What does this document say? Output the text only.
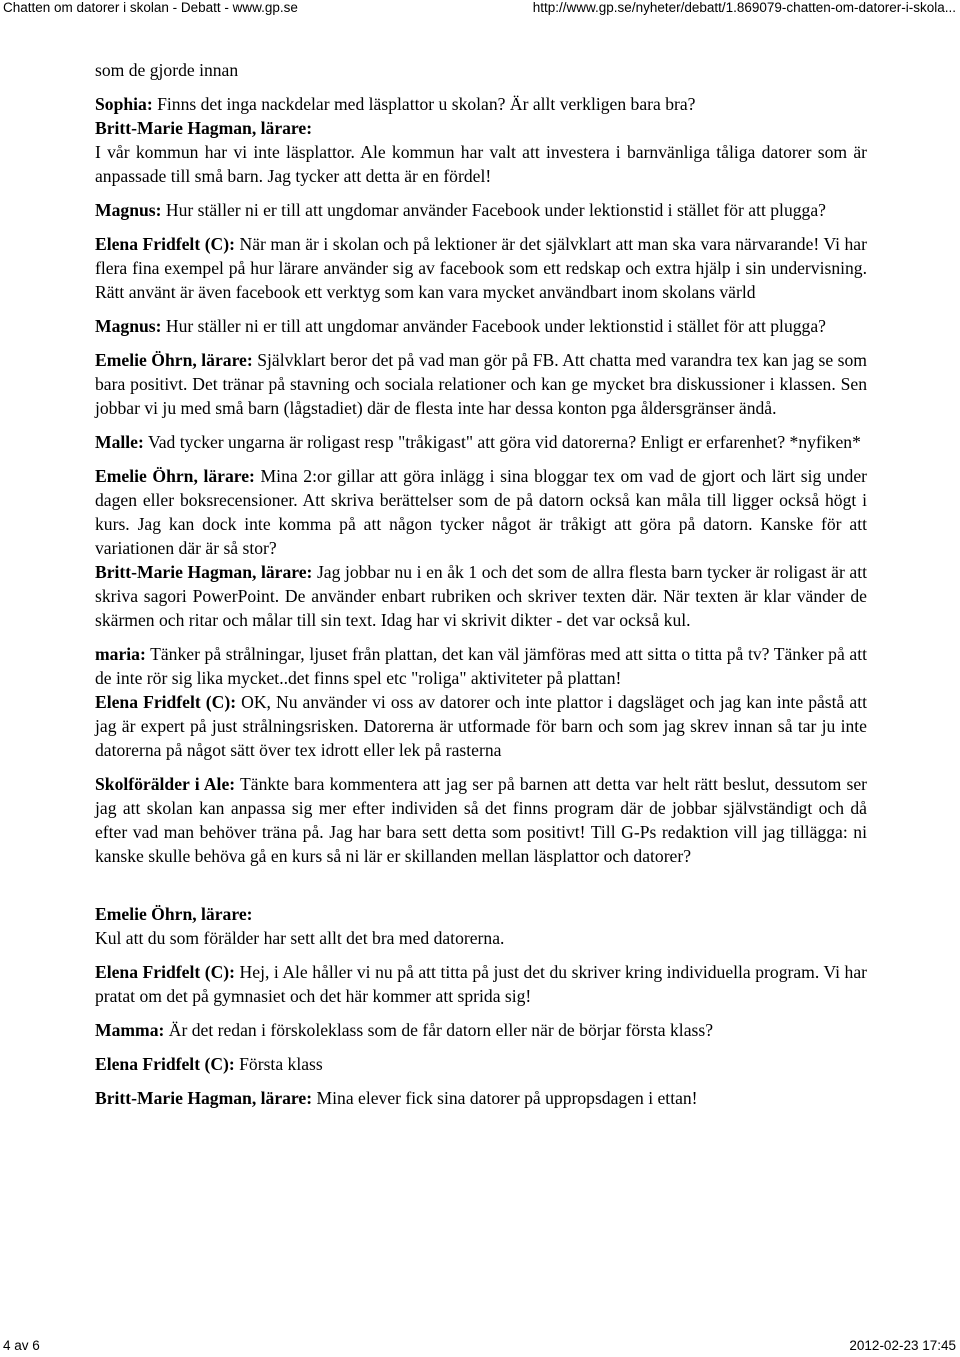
Chatten om datorer i skolan - Debatt - www.gp.se	http://www.gp.se/nyheter/debatt/1.869079-chatten-om-datorer-i-skola...

som de gjorde innan

Sophia: Finns det inga nackdelar med läsplattor u skolan? Är allt verkligen bara bra?

Britt-Marie Hagman, lärare:

I vår kommun har vi inte läsplattor. Ale kommun har valt att investera i barnvänliga tåliga datorer som är anpassade till små barn. Jag tycker att detta är en fördel!

Magnus: Hur ställer ni er till att ungdomar använder Facebook under lektionstid i stället för att plugga?

Elena Fridfelt (C): När man är i skolan och på lektioner är det självklart att man ska vara närvarande! Vi har flera fina exempel på hur lärare använder sig av facebook som ett redskap och extra hjälp i sin undervisning. Rätt använt är även facebook ett verktyg som kan vara mycket användbart inom skolans värld

Magnus: Hur ställer ni er till att ungdomar använder Facebook under lektionstid i stället för att plugga?

Emelie Öhrn, lärare: Självklart beror det på vad man gör på FB. Att chatta med varandra tex kan jag se som bara positivt. Det tränar på stavning och sociala relationer och kan ge mycket bra diskussioner i klassen. Sen jobbar vi ju med små barn (lågstadiet) där de flesta inte har dessa konton pga åldersgränser ändå.

Malle: Vad tycker ungarna är roligast resp "tråkigast" att göra vid datorerna? Enligt er erfarenhet? *nyfiken*

Emelie Öhrn, lärare: Mina 2:or gillar att göra inlägg i sina bloggar tex om vad de gjort och lärt sig under dagen eller boksrecensioner. Att skriva berättelser som de på datorn också kan måla till ligger också högt i kurs. Jag kan dock inte komma på att någon tycker något är tråkigt att göra på datorn. Kanske för att variationen där är så stor?

Britt-Marie Hagman, lärare: Jag jobbar nu i en åk 1 och det som de allra flesta barn tycker är roligast är att skriva sagori PowerPoint. De använder enbart rubriken och skriver texten där. När texten är klar vänder de skärmen och ritar och målar till sin text. Idag har vi skrivit dikter - det var också kul.

maria: Tänker på strålningar, ljuset från plattan, det kan väl jämföras med att sitta o titta på tv? Tänker på att de inte rör sig lika mycket..det finns spel etc "roliga" aktiviteter på plattan!

Elena Fridfelt (C): OK, Nu använder vi oss av datorer och inte plattor i dagsläget och jag kan inte påstå att jag är expert på just strålningsrisken. Datorerna är utformade för barn och som jag skrev innan så tar ju inte datorerna på något sätt över tex idrott eller lek på rasterna

Skolförälder i Ale: Tänkte bara kommentera att jag ser på barnen att detta var helt rätt beslut, dessutom ser jag att skolan kan anpassa sig mer efter individen så det finns program där de jobbar självständigt och då efter vad man behöver träna på. Jag har bara sett detta som positivt! Till G-Ps redaktion vill jag tillägga: ni kanske skulle behöva gå en kurs så ni lär er skillanden mellan läsplattor och datorer?

Emelie Öhrn, lärare:

Kul att du som förälder har sett allt det bra med datorerna.

Elena Fridfelt (C): Hej, i Ale håller vi nu på att titta på just det du skriver kring individuella program. Vi har pratat om det på gymnasiet och det här kommer att sprida sig!

Mamma: Är det redan i förskoleklass som de får datorn eller när de börjar första klass?

Elena Fridfelt (C): Första klass

Britt-Marie Hagman, lärare: Mina elever fick sina datorer på uppropsdagen i ettan!

4 av 6	2012-02-23 17:45
